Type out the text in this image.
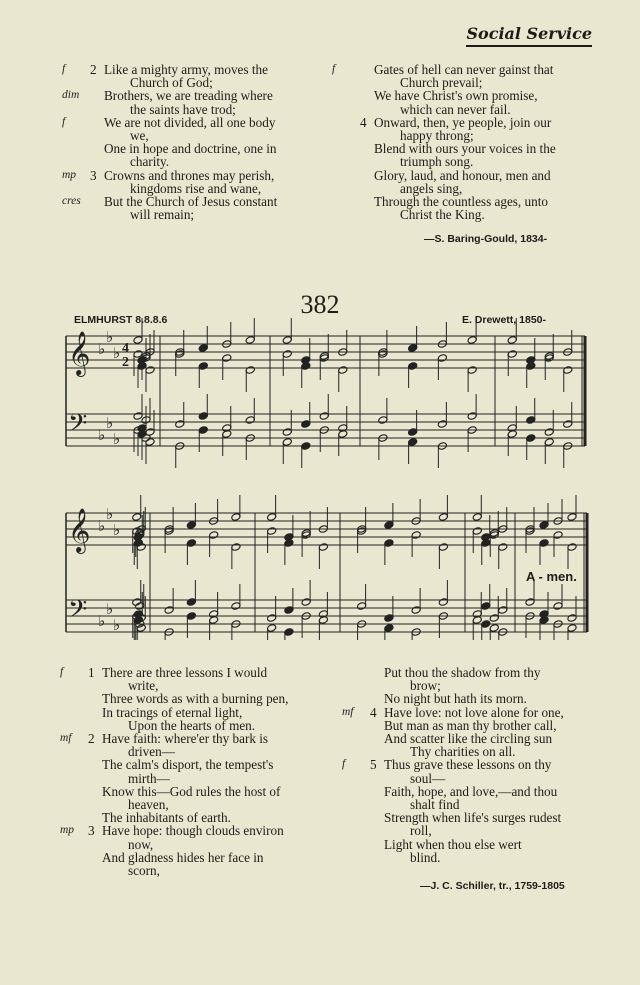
Social Service
f	2 Like a mighty army, moves the
Church of God;
dim	Brothers, we are treading where
the saints have trod;
f	We are not divided, all one body
we,
One in hope and doctrine, one in
charity.
mp	3 Crowns and thrones may perish,
kingdoms rise and wane,
cres	But the Church of Jesus constant
will remain;
f	Gates of hell can never gainst that
Church prevail;
We have Christ's own promise,
which can never fail.
4 Onward, then, ye people, join our
happy throng;
Blend with ours your voices in the
triumph song.
Glory, laud, and honour, men and
angels sing,
Through the countless ages, unto
Christ the King.
—S. Baring-Gould, 1834-
382
ELMHURST 8.8.8.6	E. Drewett, 1850-
𝄞
𝄢
♭
♭
♭
♭
♭
♭
4
2
𝄞
𝄢
♭
♭
♭
♭
♭
♭
A - men.
f	1 There are three lessons I would
write,
Three words as with a burning pen,
In tracings of eternal light,
Upon the hearts of men.
mf	2 Have faith: where'er thy bark is
driven—
The calm's disport, the tempest's
mirth—
Know this—God rules the host of
heaven,
The inhabitants of earth.
mp	3 Have hope: though clouds environ
now,
And gladness hides her face in
scorn,
Put thou the shadow from thy
brow;
No night but hath its morn.
mf	4 Have love: not love alone for one,
But man as man thy brother call,
And scatter like the circling sun
Thy charities on all.
f	5 Thus grave these lessons on thy
soul—
Faith, hope, and love,—and thou
shalt find
Strength when life's surges rudest
roll,
Light when thou else wert
blind.
—J. C. Schiller, tr., 1759-1805
